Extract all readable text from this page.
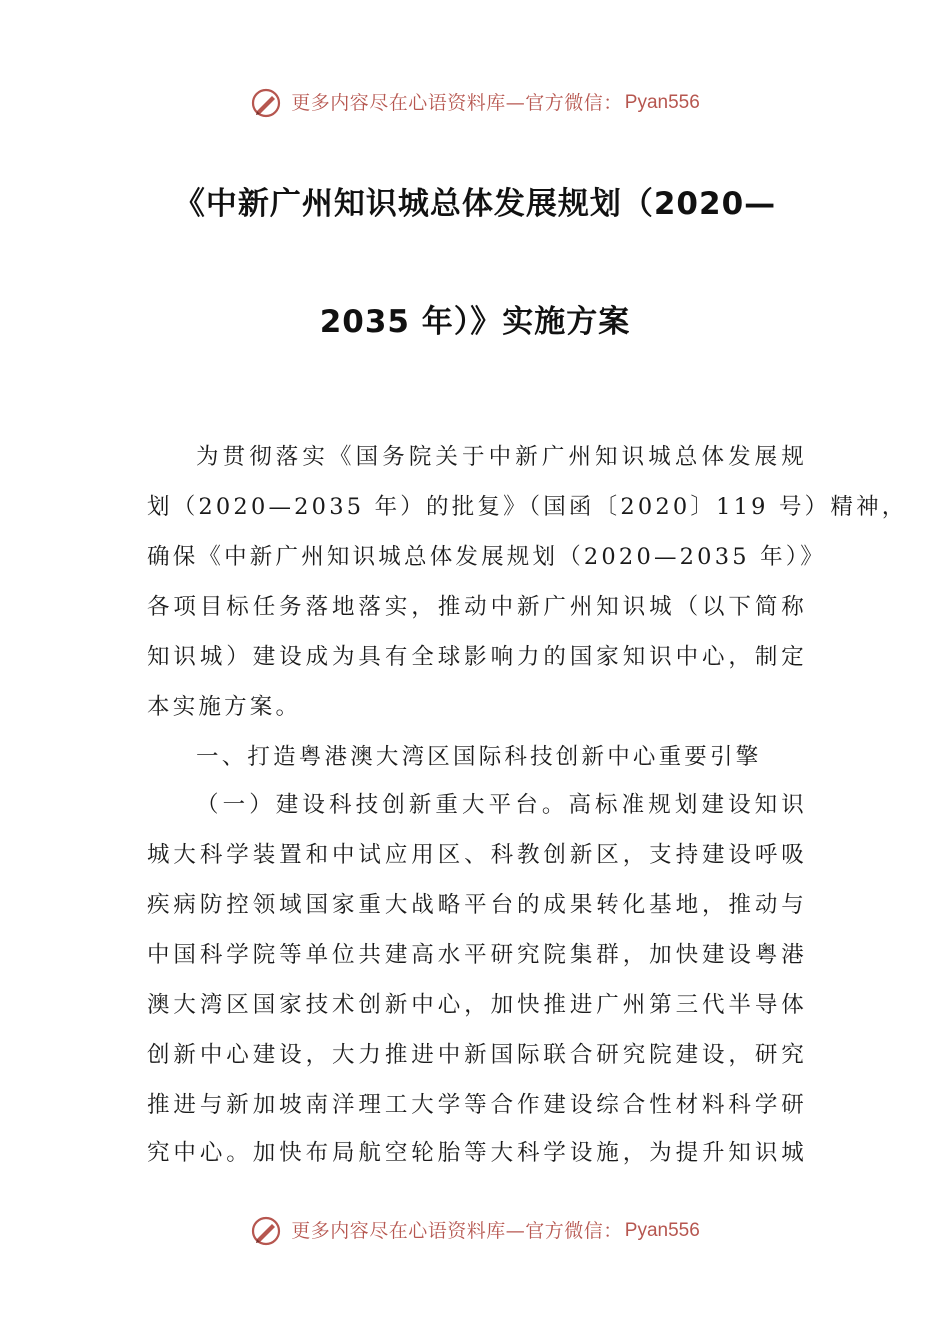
更多内容尽在心语资料库—官方微信： Pyan556
《中新广州知识城总体发展规划（2020—
2035 年）》实施方案
为贯彻落实《国务院关于中新广州知识城总体发展规
划（2020—2035 年）的批复》（国函〔2020〕119 号）精神，
确保《中新广州知识城总体发展规划（2020—2035 年）》
各项目标任务落地落实，推动中新广州知识城（以下简称
知识城）建设成为具有全球影响力的国家知识中心，制定
本实施方案。
一、打造粤港澳大湾区国际科技创新中心重要引擎
（一）建设科技创新重大平台。高标准规划建设知识
城大科学装置和中试应用区、科教创新区，支持建设呼吸
疾病防控领域国家重大战略平台的成果转化基地，推动与
中国科学院等单位共建高水平研究院集群，加快建设粤港
澳大湾区国家技术创新中心，加快推进广州第三代半导体
创新中心建设，大力推进中新国际联合研究院建设，研究
推进与新加坡南洋理工大学等合作建设综合性材料科学研
究中心。加快布局航空轮胎等大科学设施，为提升知识城
更多内容尽在心语资料库—官方微信： Pyan556
